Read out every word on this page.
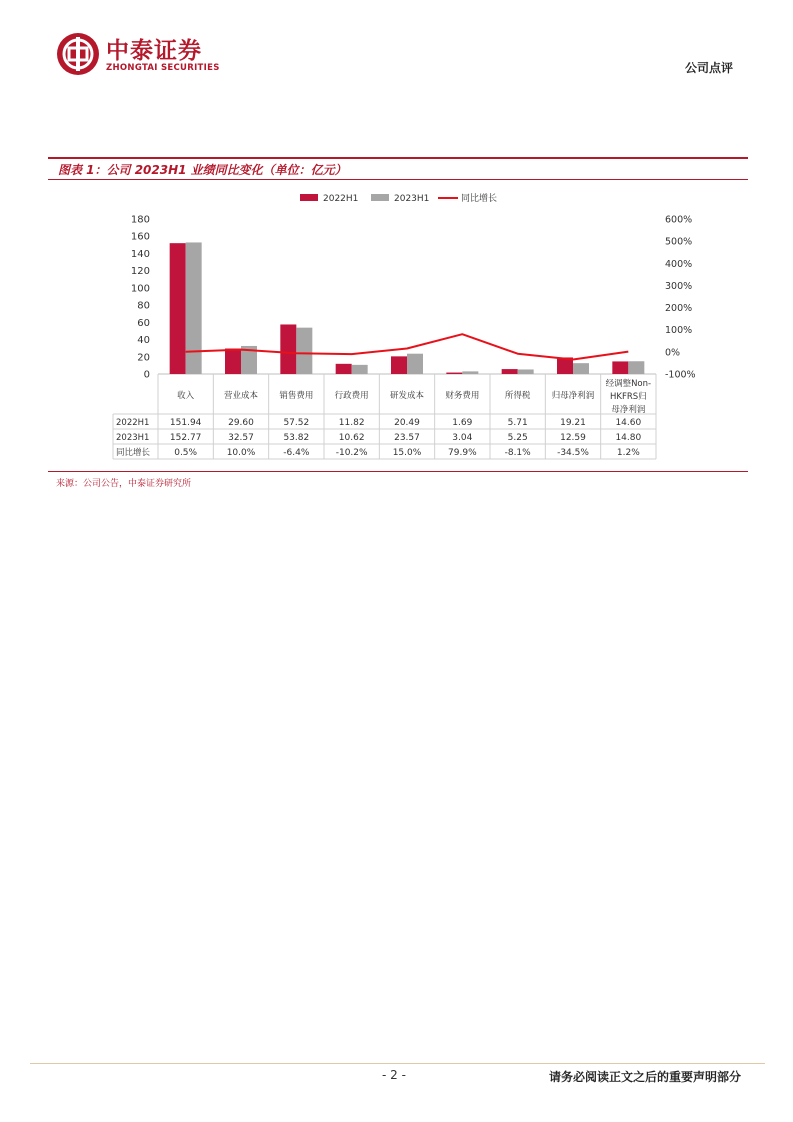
中泰证券
ZHONGTAI SECURITIES	公司点评
图表 1：公司 2023H1 业绩同比变化（单位：亿元）
2022H1	2023H1	同比增长
0
20
40
60
80
100
120
140
160
180
-100%
0%
100%
200%
300%
400%
500%
600%
收入	营业成本	销售费用	行政费用	研发成本	财务费用	所得税	归母净利润
经调整Non-
HKFRS归
母净利润
2022H1 151.94	29.60	57.52	11.82	20.49	1.69	5.71	19.21	14.60
2023H1 152.77	32.57	53.82	10.62	23.57	3.04	5.25	12.59	14.80
同比增长	0.5%	10.0%	-6.4%	-10.2%	15.0%	79.9%	-8.1%	-34.5%	1.2%
来源：公司公告，中泰证券研究所
- 2 -	请务必阅读正文之后的重要声明部分
